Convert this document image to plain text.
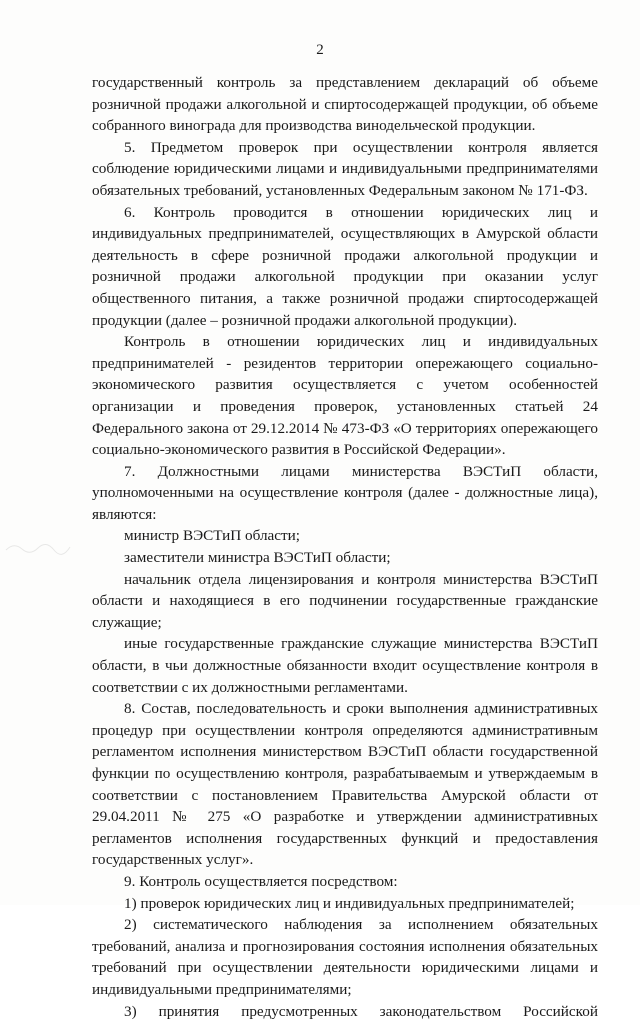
2

государственный контроль за представлением деклараций об объеме розничной продажи алкогольной и спиртосодержащей продукции, об объеме собранного винограда для производства винодельческой продукции.

5. Предметом проверок при осуществлении контроля является соблюдение юридическими лицами и индивидуальными предпринимателями обязательных требований, установленных Федеральным законом № 171-ФЗ.

6. Контроль проводится в отношении юридических лиц и индивидуальных предпринимателей, осуществляющих в Амурской области деятельность в сфере розничной продажи алкогольной продукции и розничной продажи алкогольной продукции при оказании услуг общественного питания, а также розничной продажи спиртосодержащей продукции (далее – розничной продажи алкогольной продукции).

Контроль в отношении юридических лиц и индивидуальных предпринимателей - резидентов территории опережающего социально-экономического развития осуществляется с учетом особенностей организации и проведения проверок, установленных статьей 24 Федерального закона от 29.12.2014 № 473-ФЗ «О территориях опережающего социально-экономического развития в Российской Федерации».

7. Должностными лицами министерства ВЭСТиП области, уполномоченными на осуществление контроля (далее - должностные лица), являются:

министр ВЭСТиП области;

заместители министра ВЭСТиП области;

начальник отдела лицензирования и контроля министерства ВЭСТиП области и находящиеся в его подчинении государственные гражданские служащие;

иные государственные гражданские служащие министерства ВЭСТиП области, в чьи должностные обязанности входит осуществление контроля в соответствии с их должностными регламентами.

8. Состав, последовательность и сроки выполнения административных процедур при осуществлении контроля определяются административным регламентом исполнения министерством ВЭСТиП области государственной функции по осуществлению контроля, разрабатываемым и утверждаемым в соответствии с постановлением Правительства Амурской области от 29.04.2011 № 275 «О разработке и утверждении административных регламентов исполнения государственных функций и предоставления государственных услуг».

9. Контроль осуществляется посредством:

1) проверок юридических лиц и индивидуальных предпринимателей;

2) систематического наблюдения за исполнением обязательных требований, анализа и прогнозирования состояния исполнения обязательных требований при осуществлении деятельности юридическими лицами и индивидуальными предпринимателями;

3) принятия предусмотренных законодательством Российской
